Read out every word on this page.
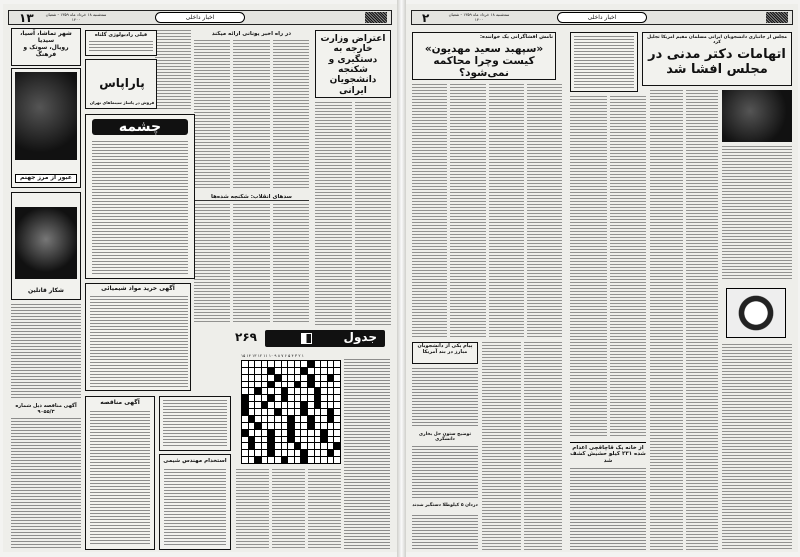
۱۳	سه‌شنبه ۱۸ خرداد ماه ۱۳۵۹ - شعبان ۱۴۰۰	اخبار داخلی
اعتراض وزارت خارجه به دستگیری و شکنجه دانشجویان ایرانی
در راه اخبر یونانی ارائه میکند
سدهای انقلاب: شکنجه شده‌ها
شهر تماشا، آسیا، سیدیا
رویال، سوتک و فرهنگ
عبور از مرز جهنم
شکار قاتلین
آگهی مناقصه ذیل شماره ۹۰۵۵/۳
فیلی رادیولوژی گلتاه
پاراپاس
فروش در پاساژ سینماهای تهران
چشمه
آگهی خرید مواد شیمیائی
آگهی مناقصه
استخدام مهندس شیمی
جدول
۲۶۹
۱۵ ۱۴ ۱۳ ۱۲ ۱۱ ۱۰ ۹ ۸ ۷ ۶ ۵ ۴ ۳ ۲ ۱
۲	سه‌شنبه ۱۸ خرداد ماه ۱۳۵۹ - شعبان ۱۴۰۰	اخبار داخلی
مجلس از جانبازی دانشجویان ایرانی مسلمان مقیم امریکا تجلیل کرد
اتهامات دکتر مدنی در مجلس افشا شد
نامش افشاگرانی یک خواننده:
«سپهبد سعید مهدیون» کیست وچرا محاکمه نمی‌شود؟
از خانه یک قاچاقچی اعدام شده ۲۳۱ کیلو حشیش کشف شد
پیام یکی از دانشجویان مبارز در بند آمریکا
توضیح ستون حل بخاری دانشگری
دزدان ۵ کیلوطلا دستگیر شدند
